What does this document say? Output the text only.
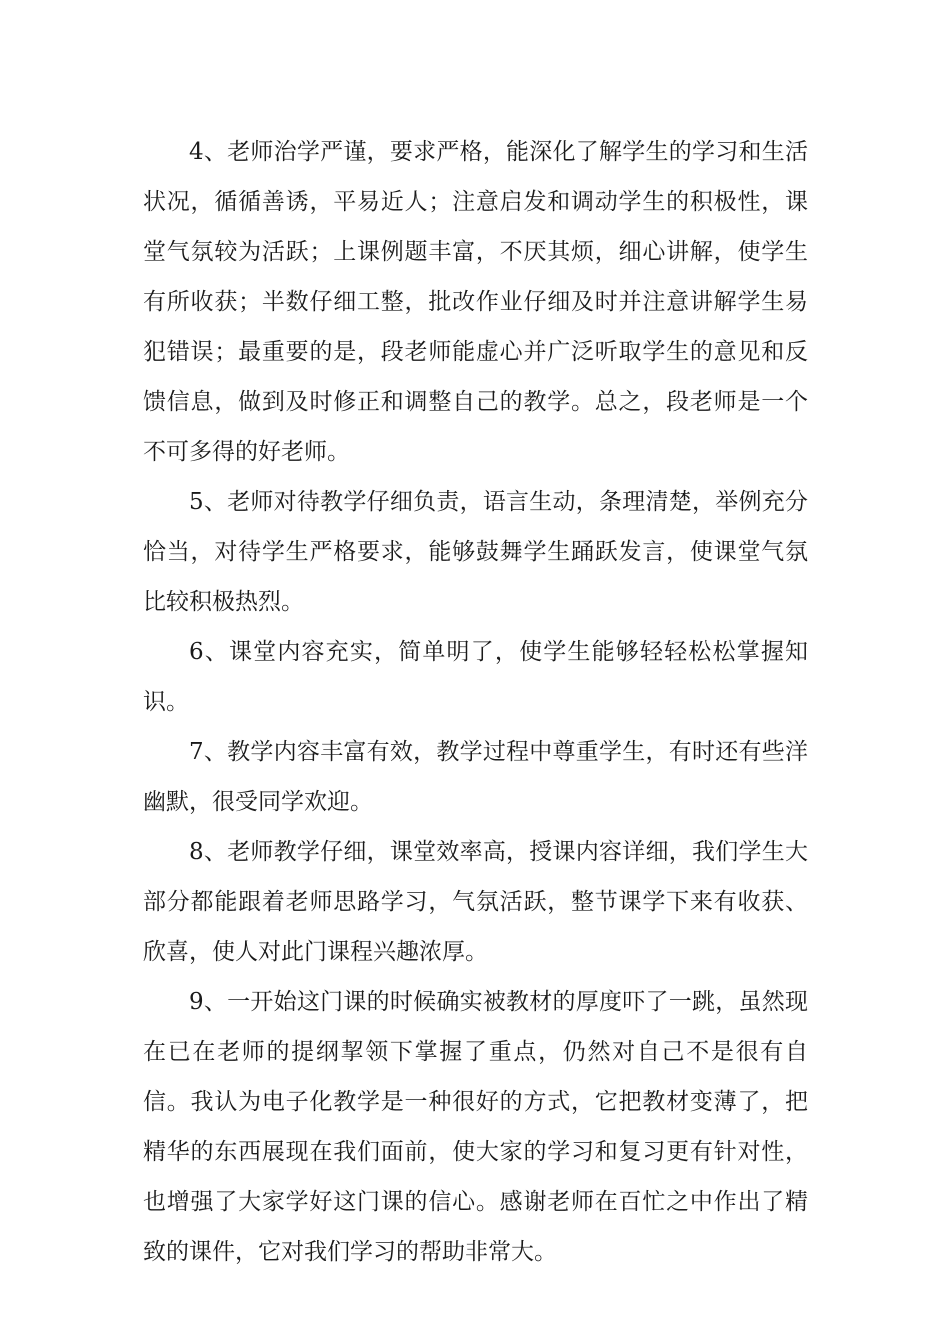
4、老师治学严谨，要求严格，能深化了解学生的学习和生活状况，循循善诱，平易近人；注意启发和调动学生的积极性，课堂气氛较为活跃；上课例题丰富，不厌其烦，细心讲解，使学生有所收获；半数仔细工整，批改作业仔细及时并注意讲解学生易犯错误；最重要的是，段老师能虚心并广泛听取学生的意见和反馈信息，做到及时修正和调整自己的教学。总之，段老师是一个不可多得的好老师。

5、老师对待教学仔细负责，语言生动，条理清楚，举例充分恰当，对待学生严格要求，能够鼓舞学生踊跃发言，使课堂气氛比较积极热烈。

6、课堂内容充实，简单明了，使学生能够轻轻松松掌握知识。

7、教学内容丰富有效，教学过程中尊重学生，有时还有些洋幽默，很受同学欢迎。

8、老师教学仔细，课堂效率高，授课内容详细，我们学生大部分都能跟着老师思路学习，气氛活跃，整节课学下来有收获、欣喜，使人对此门课程兴趣浓厚。

9、一开始这门课的时候确实被教材的厚度吓了一跳，虽然现在已在老师的提纲挈领下掌握了重点，仍然对自己不是很有自信。我认为电子化教学是一种很好的方式，它把教材变薄了，把精华的东西展现在我们面前，使大家的学习和复习更有针对性，也增强了大家学好这门课的信心。感谢老师在百忙之中作出了精致的课件，它对我们学习的帮助非常大。
